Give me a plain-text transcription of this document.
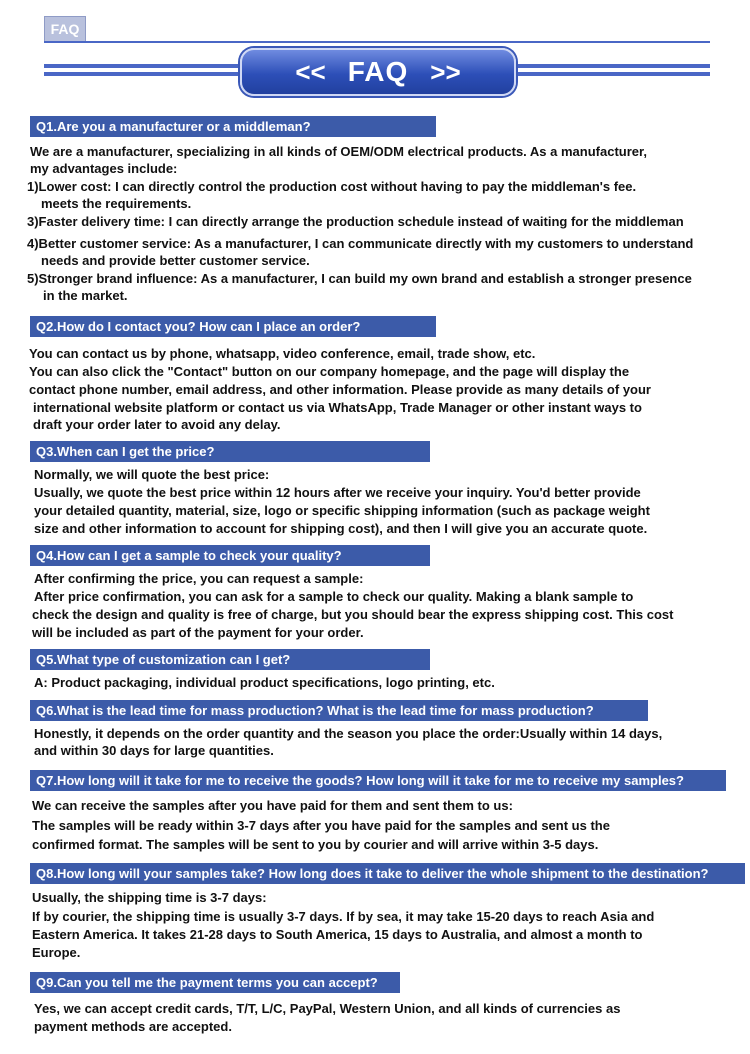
FAQ
<< FAQ >>
Q1.Are you a manufacturer or a middleman?
We are a manufacturer, specializing in all kinds of OEM/ODM electrical products. As a manufacturer,
my advantages include:
1)Lower cost: I can directly control the production cost without having to pay the middleman's fee.
meets the requirements.
3)Faster delivery time: I can directly arrange the production schedule instead of waiting for the middleman
4)Better customer service: As a manufacturer, I can communicate directly with my customers to understand
needs and provide better customer service.
5)Stronger brand influence: As a manufacturer, I can build my own brand and establish a stronger presence
in the market.
Q2.How do I contact you? How can I place an order?
You can contact us by phone, whatsapp, video conference, email, trade show, etc.
You can also click the "Contact" button on our company homepage, and the page will display the
contact phone number, email address, and other information. Please provide as many details of your
international website platform or contact us via WhatsApp, Trade Manager or other instant ways to
draft your order later to avoid any delay.
Q3.When can I get the price?
Normally, we will quote the best price:
Usually, we quote the best price within 12 hours after we receive your inquiry. You'd better provide
your detailed quantity, material, size, logo or specific shipping information (such as package weight
size and other information to account for shipping cost), and then I will give you an accurate quote.
Q4.How can I get a sample to check your quality?
After confirming the price, you can request a sample:
After price confirmation, you can ask for a sample to check our quality. Making a blank sample to
check the design and quality is free of charge, but you should bear the express shipping cost. This cost
will be included as part of the payment for your order.
Q5.What type of customization can I get?
A: Product packaging, individual product specifications, logo printing, etc.
Q6.What is the lead time for mass production? What is the lead time for mass production?
Honestly, it depends on the order quantity and the season you place the order:Usually within 14 days,
and within 30 days for large quantities.
Q7.How long will it take for me to receive the goods? How long will it take for me to receive my samples?
We can receive the samples after you have paid for them and sent them to us:
The samples will be ready within 3-7 days after you have paid for the samples and sent us the
confirmed format. The samples will be sent to you by courier and will arrive within 3-5 days.
Q8.How long will your samples take? How long does it take to deliver the whole shipment to the destination?
Usually, the shipping time is 3-7 days:
If by courier, the shipping time is usually 3-7 days. If by sea, it may take 15-20 days to reach Asia and
Eastern America. It takes 21-28 days to South America, 15 days to Australia, and almost a month to
Europe.
Q9.Can you tell me the payment terms you can accept?
Yes, we can accept credit cards, T/T, L/C, PayPal, Western Union, and all kinds of currencies as
payment methods are accepted.
